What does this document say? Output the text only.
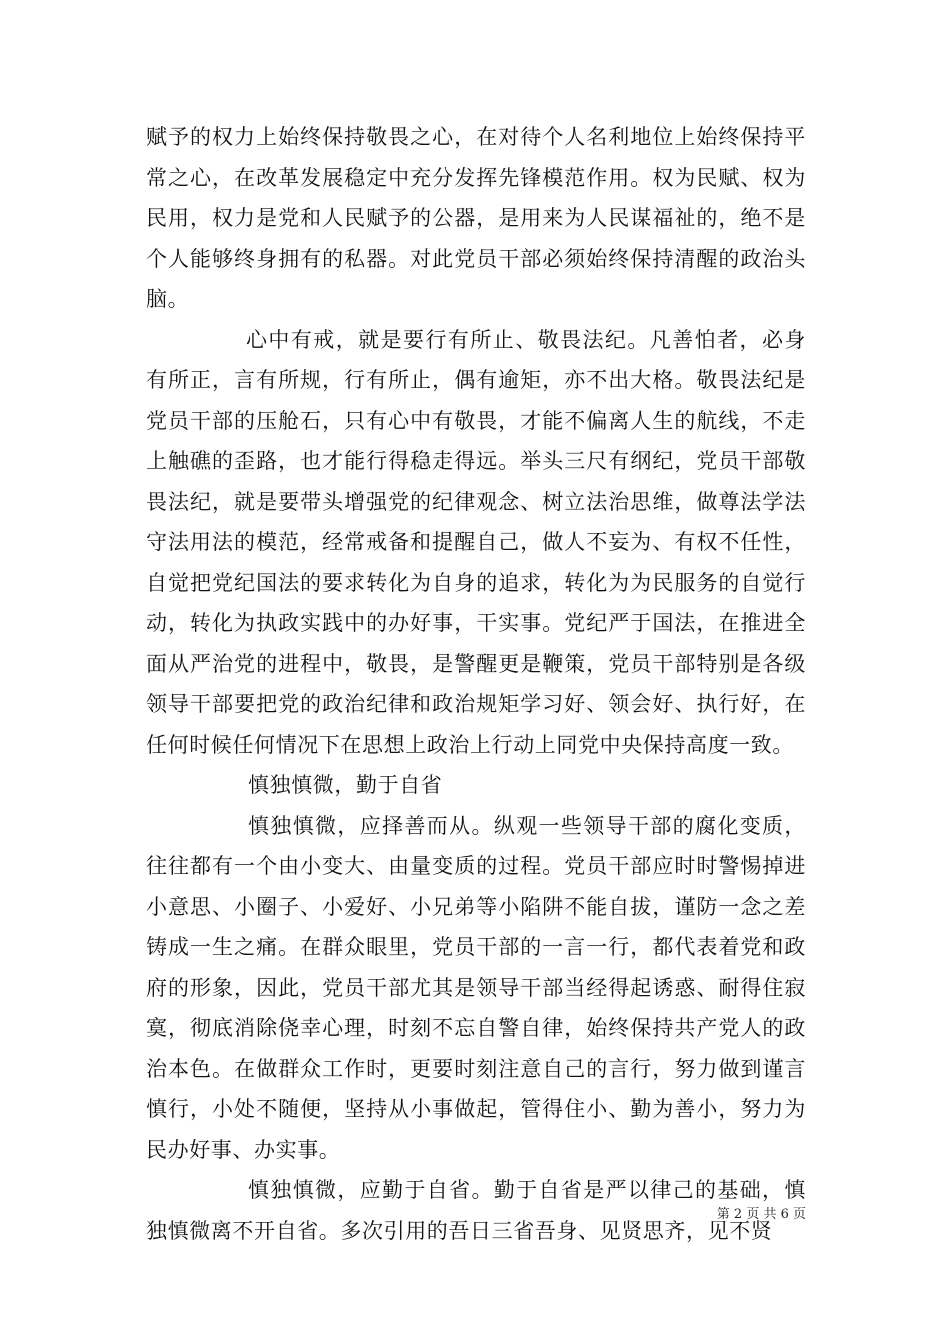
赋予的权力上始终保持敬畏之心，在对待个人名利地位上始终保持平常之心，在改革发展稳定中充分发挥先锋模范作用。权为民赋、权为民用，权力是党和人民赋予的公器，是用来为人民谋福祉的，绝不是个人能够终身拥有的私器。对此党员干部必须始终保持清醒的政治头脑。

心中有戒，就是要行有所止、敬畏法纪。凡善怕者，必身有所正，言有所规，行有所止，偶有逾矩，亦不出大格。敬畏法纪是党员干部的压舱石，只有心中有敬畏，才能不偏离人生的航线，不走上触礁的歪路，也才能行得稳走得远。举头三尺有纲纪，党员干部敬畏法纪，就是要带头增强党的纪律观念、树立法治思维，做尊法学法守法用法的模范，经常戒备和提醒自己，做人不妄为、有权不任性，自觉把党纪国法的要求转化为自身的追求，转化为为民服务的自觉行动，转化为执政实践中的办好事，干实事。党纪严于国法，在推进全面从严治党的进程中，敬畏，是警醒更是鞭策，党员干部特别是各级领导干部要把党的政治纪律和政治规矩学习好、领会好、执行好，在任何时候任何情况下在思想上政治上行动上同党中央保持高度一致。

慎独慎微，勤于自省

慎独慎微，应择善而从。纵观一些领导干部的腐化变质，往往都有一个由小变大、由量变质的过程。党员干部应时时警惕掉进小意思、小圈子、小爱好、小兄弟等小陷阱不能自拔，谨防一念之差铸成一生之痛。在群众眼里，党员干部的一言一行，都代表着党和政府的形象，因此，党员干部尤其是领导干部当经得起诱惑、耐得住寂寞，彻底消除侥幸心理，时刻不忘自警自律，始终保持共产党人的政治本色。在做群众工作时，更要时刻注意自己的言行，努力做到谨言慎行，小处不随便，坚持从小事做起，管得住小、勤为善小，努力为民办好事、办实事。

慎独慎微，应勤于自省。勤于自省是严以律己的基础，慎独慎微离不开自省。多次引用的吾日三省吾身、见贤思齐，见不贤

第 2 页 共 6 页
